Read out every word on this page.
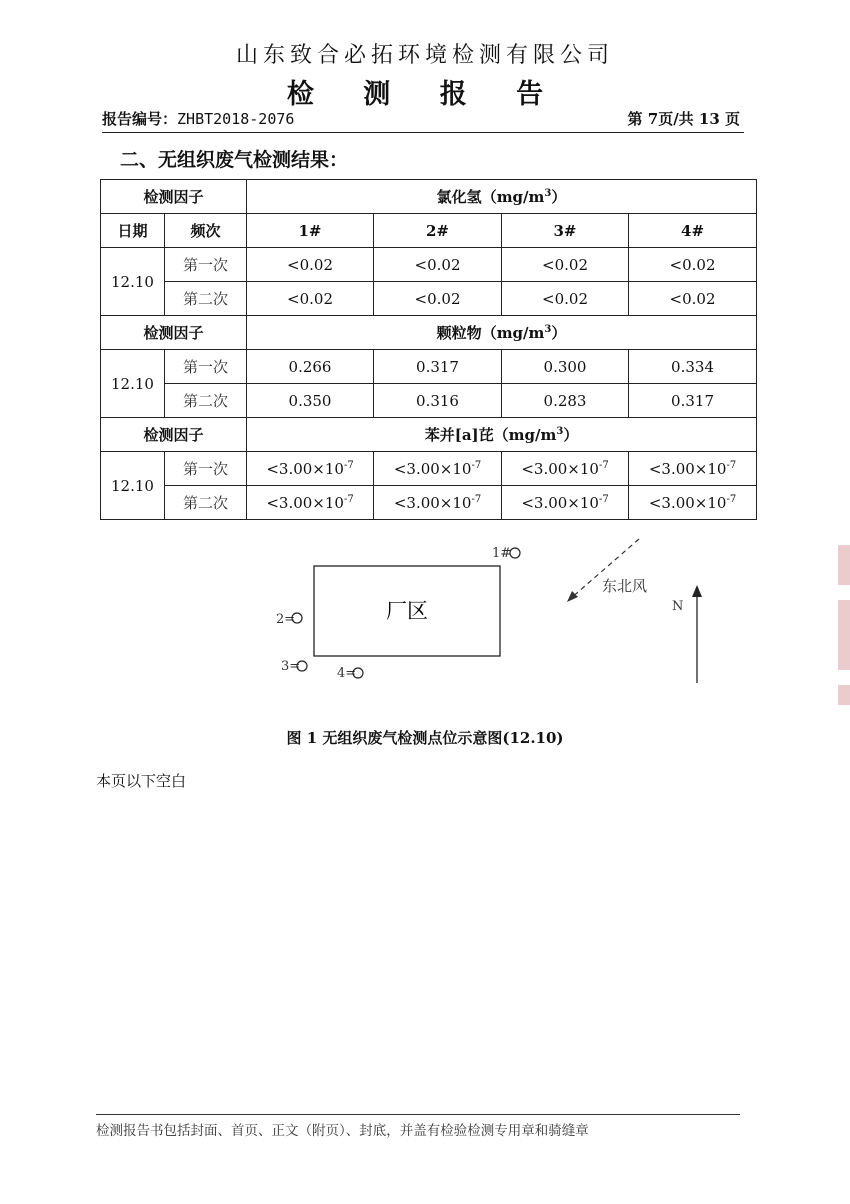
山东致合必拓环境检测有限公司
检 测 报 告
报告编号：ZHBT2018-2076	第 7页/共 13 页
二、无组织废气检测结果：
检测因子		氯化氢$(mg/m^3)$			
日期	频次	1#	2#	3#	4#
12.10	第一次	<0.02	<0.02	<0.02	<0.02
	第二次	<0.02	<0.02	<0.02	<0.02
检测因子		颗粒物$(mg/m^3)$			
12.10	第一次	0.266	0.317	0.300	0.334
	第二次	0.350	0.316	0.283	0.317
检测因子		苯并[a]芘$(mg/m^3)$			
12.10	第一次	$<3.00\times 10^{-7}$	$<3.00\times 10^{-7}$	$<3.00\times 10^{-7}$	$<3.00\times 10^{-7}$
	第二次	$<3.00\times 10^{-7}$	$<3.00\times 10^{-7}$	$<3.00\times 10^{-7}$	$<3.00\times 10^{-7}$
厂区
1#
2=
3=	4=
东北风
N
图 1 无组织废气检测点位示意图(12.10)
本页以下空白
检测报告书包括封面、首页、正文（附页）、封底，并盖有检验检测专用章和骑缝章
